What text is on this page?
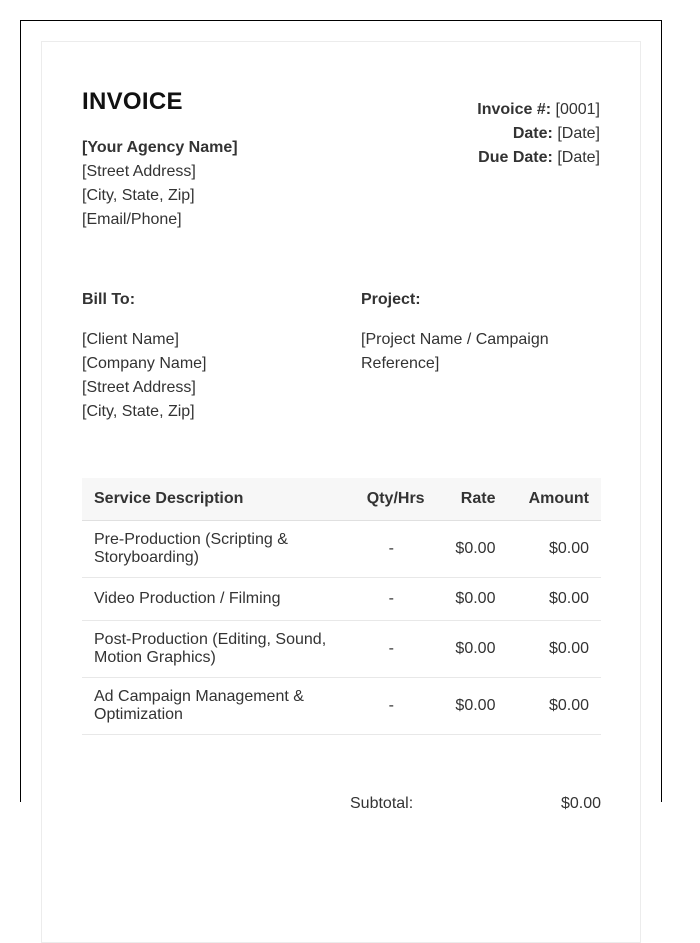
INVOICE
[Your Agency Name]
[Street Address]
[City, State, Zip]
[Email/Phone]
Invoice #: [0001]
Date: [Date]
Due Date: [Date]
Bill To:
[Client Name]
[Company Name]
[Street Address]
[City, State, Zip]
Project:
[Project Name / Campaign Reference]
Service Description	Qty/Hrs	Rate	Amount
Pre-Production (Scripting & Storyboarding)	-	$0.00	$0.00
Video Production / Filming	-	$0.00	$0.00
Post-Production (Editing, Sound, Motion Graphics)	-	$0.00	$0.00
Ad Campaign Management & Optimization	-	$0.00	$0.00
Subtotal:	$0.00
